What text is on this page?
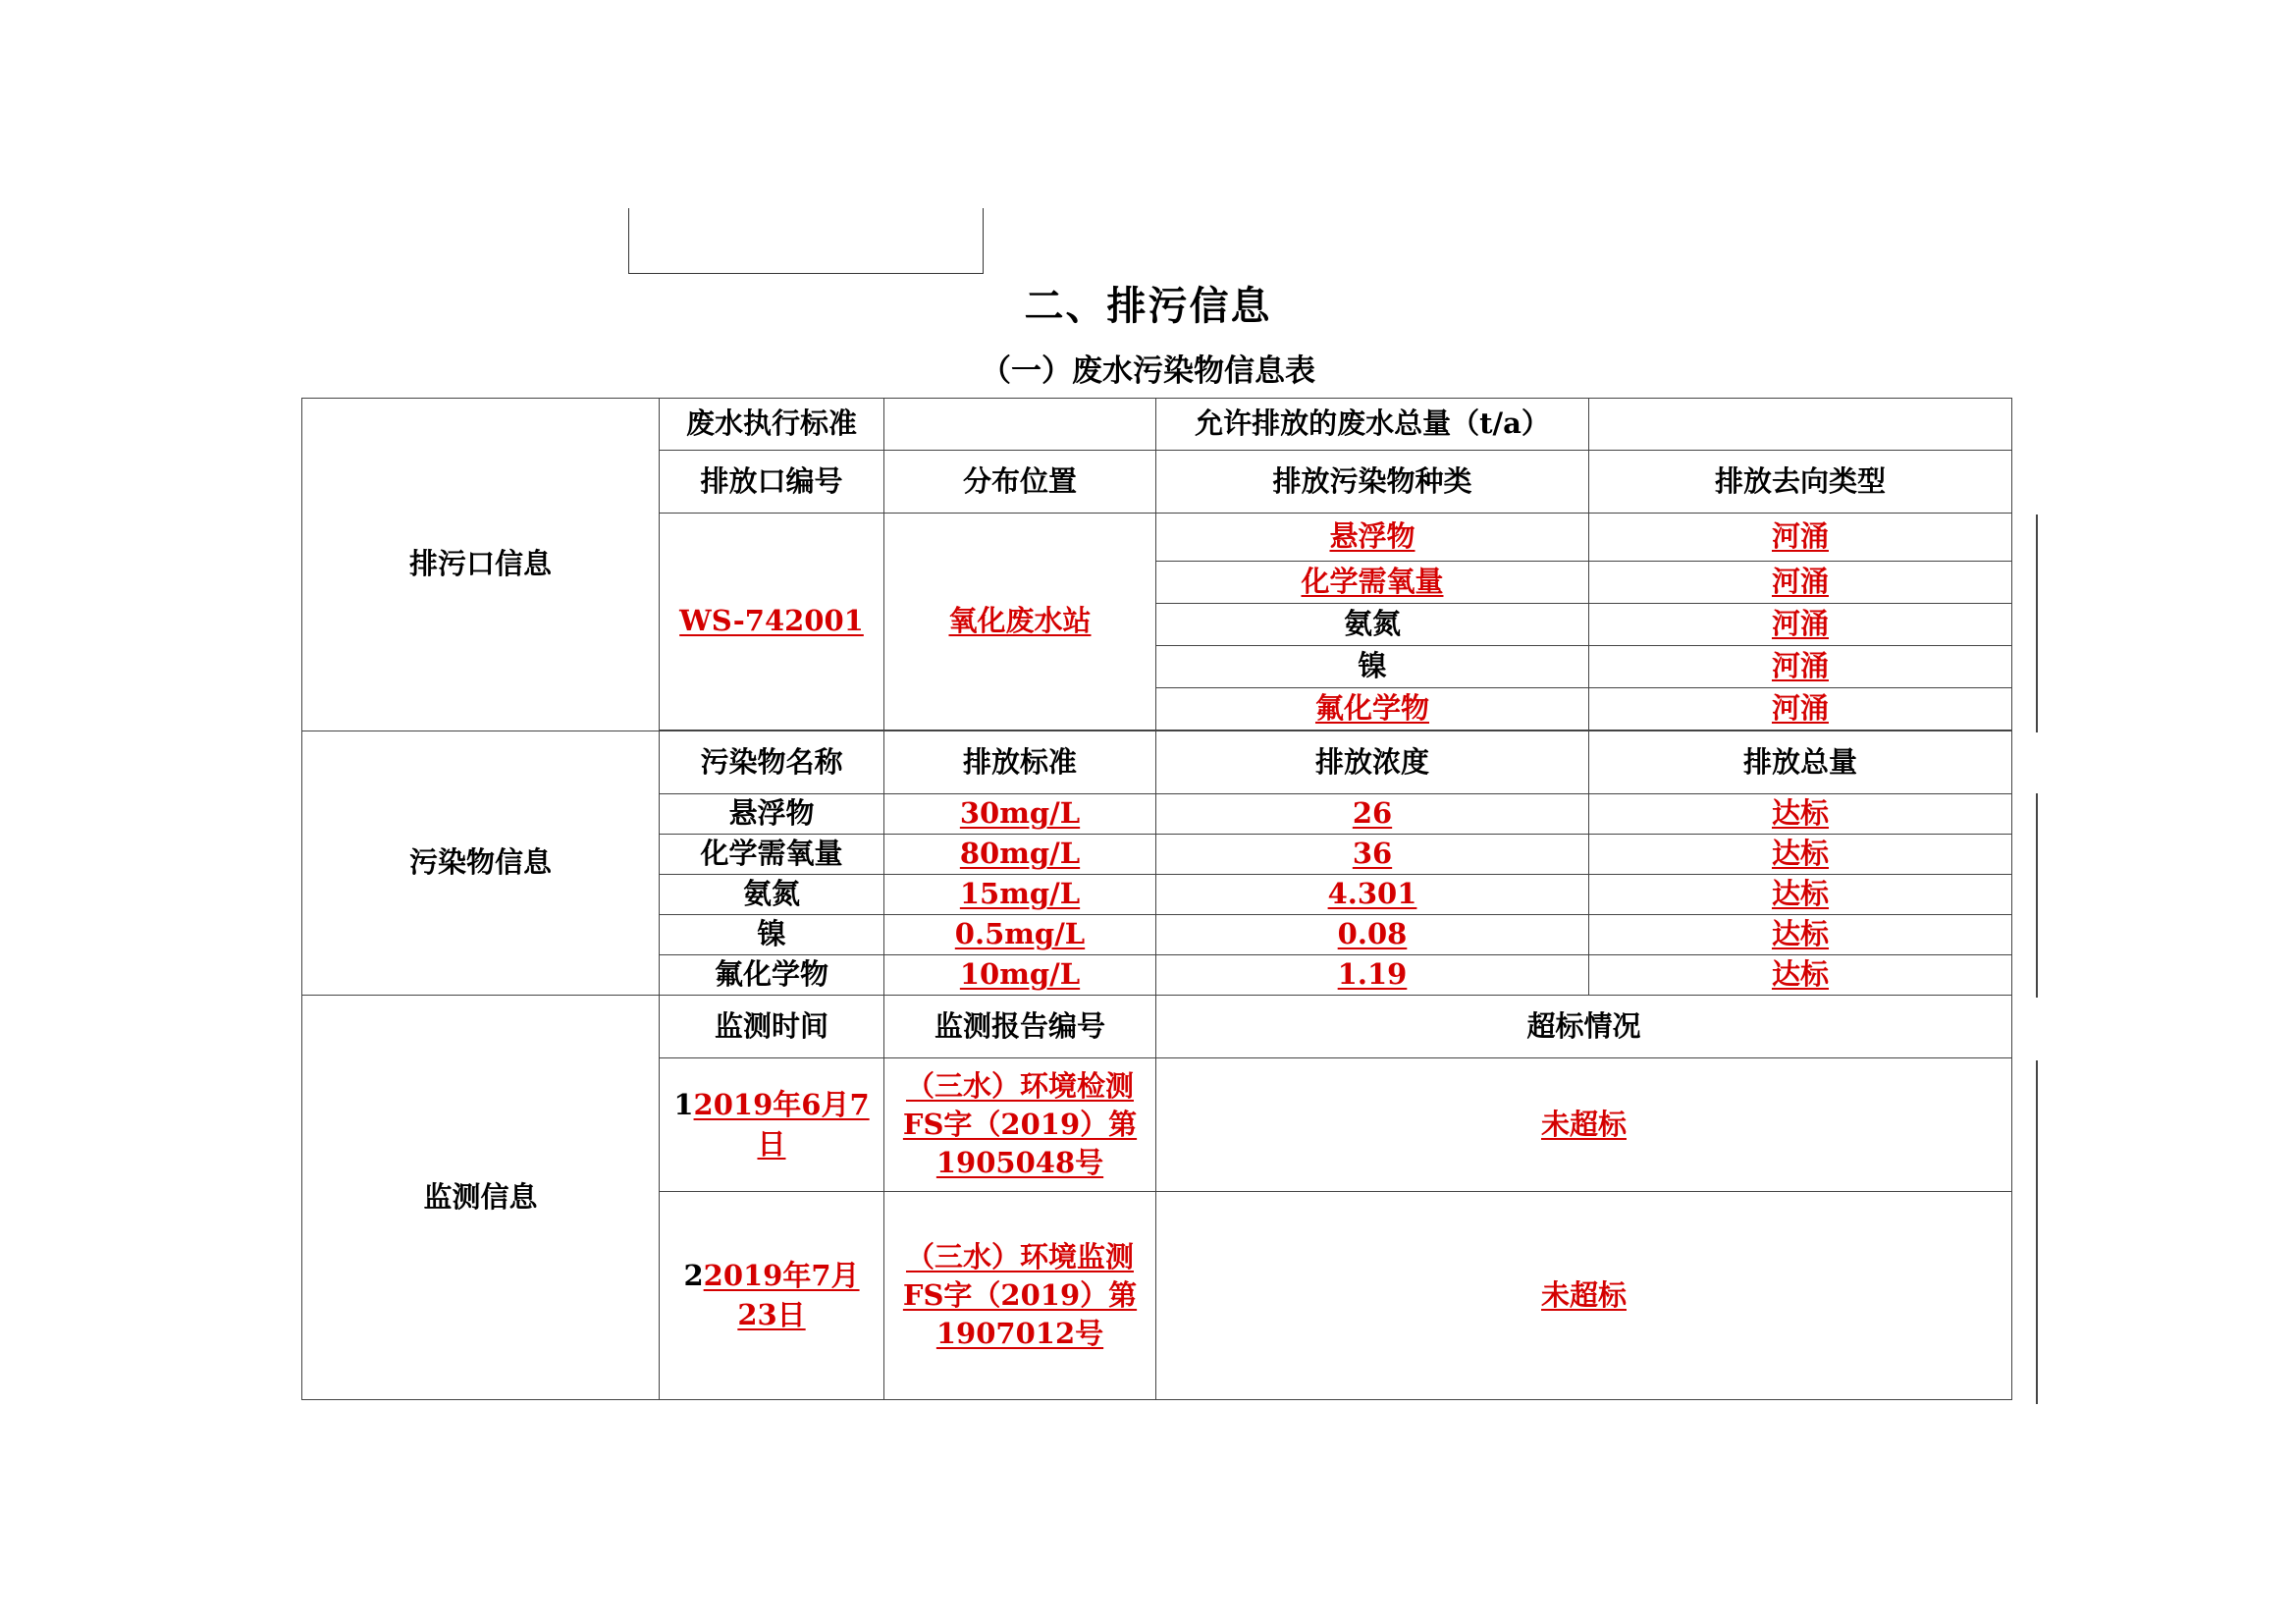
二、排污信息
（一）废水污染物信息表
排污口信息	废水执行标准		允许排放的废水总量（t/a）	
	排放口编号	分布位置	排放污染物种类	排放去向类型
	WS-742001	氧化废水站	悬浮物	河涌
			化学需氧量	河涌
			氨氮	河涌
			镍	河涌
			氟化学物	河涌

污染物信息	污染物名称	排放标准	排放浓度	排放总量
	悬浮物	30mg/L	26	达标
	化学需氧量	80mg/L	36	达标
	氨氮	15mg/L	4.301	达标
	镍	0.5mg/L	0.08	达标
	氟化学物	10mg/L	1.19	达标
监测信息	监测时间	监测报告编号	超标情况	
	12019年6月7日	（三水）环境检测FS字（2019）第1905048号	未超标	
	22019年7月23日	（三水）环境监测FS字（2019）第1907012号	未超标	
